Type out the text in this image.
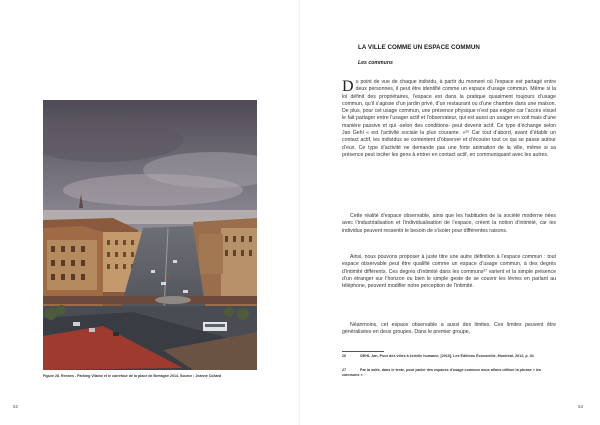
Figure 28. Rennes - Parking Vilaine et le carrefour de la place de Bretagne 2014. Source : Jeanne Collard
52
LA VILLE COMME UN ESPACE COMMUN
Les communs
Du point de vue de chaque individu, à partir du moment où l’espace est partagé entre deux personnes, il peut être identifié comme un espace d’usage commun. Même si la loi définit des propriétaires, l’espace est dans la pratique quasiment toujours d’usage commun, qu’il s’agisse d’un jardin privé, d’un restaurant ou d’une chambre dans une maison. De plus, pour cet usage commun, une présence physique n’est pas exigée car l’accès visuel le fait partager entre l’usager actif et l’observateur, qui est aussi un usager en soit mais d’une manière passive et qui -selon des conditions- peut devenir actif. Ce type d’échange selon Jan Gehl « est l’activité sociale la plus courante. »²⁶ Car tout d’abord, avant d’établir un contact actif, les individus se contentent d’observer et d’écouter tout ce qui se passe autour d’eux. Ce type d’activité ne demande pas une forte animation de la ville, même si sa présence peut inciter les gens à entrer en contact actif, en communiquant avec les autres.
Cette réalité d’espace observable, ainsi que les habitudes de la société moderne nées avec l’industrialisation et l’individualisation de l’espace, créent la notion d’intimité, car les individus peuvent ressentir le besoin de s’isoler pour différentes raisons.
Ainsi, nous pouvons proposer à juste titre une autre définition à l’espace commun : tout espace observable peut être qualifié comme un espace d’usage commun, à des degrés d’intimité différents. Ces degrés d’intimité dans les communs²⁷ varient et la simple présence d’un étranger sur l’horizon ou bien le simple geste de se couvrir les lèvres en parlant au téléphone, peuvent modifier notre perception de l’intimité.
Néanmoins, cet espace observable a aussi des limites. Ces limites peuvent être généralisées en deux groupes. Dans le premier groupe,
26	GEHL Jan, Pour des villes à échelle humaine, [2010], Les Éditions Écosociété, Montréal, 2012, p. 34
27	Par la suite, dans le texte, pour parler des espaces d’usage commun nous allons utiliser la phrase « les communs ».
53
